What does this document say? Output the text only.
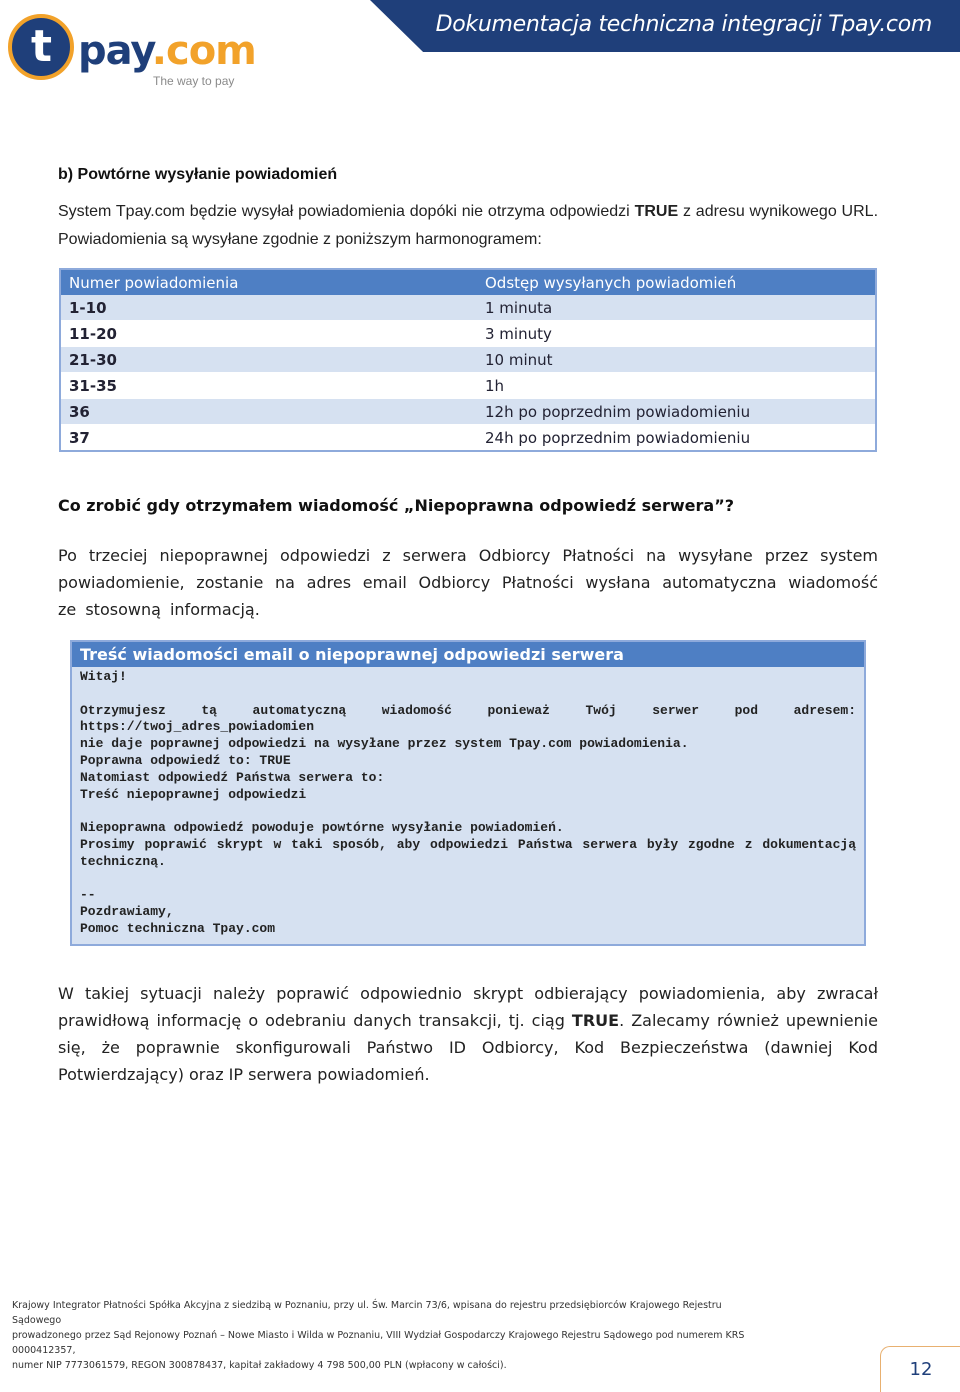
t pay.com
The way to pay
Dokumentacja techniczna integracji Tpay.com
b) Powtórne wysyłanie powiadomień
System Tpay.com będzie wysyłał powiadomienia dopóki nie otrzyma odpowiedzi TRUE z adresu wynikowego URL. Powiadomienia są wysyłane zgodnie z poniższym harmonogramem:
Numer powiadomienia	Odstęp wysyłanych powiadomień
1-10	1 minuta
11-20	3 minuty
21-30	10 minut
31-35	1h
36	12h po poprzednim powiadomieniu
37	24h po poprzednim powiadomieniu
Co zrobić gdy otrzymałem wiadomość „Niepoprawna odpowiedź serwera”?
Po trzeciej niepoprawnej odpowiedzi z serwera Odbiorcy Płatności na wysyłane przez system powiadomienie, zostanie na adres email Odbiorcy Płatności wysłana automatyczna wiadomość ze stosowną informacją.
Treść wiadomości email o niepoprawnej odpowiedzi serwera

Witaj!

Otrzymujesz tą automatyczną wiadomość ponieważ Twój serwer pod adresem: https://twoj_adres_powiadomien

nie daje poprawnej odpowiedzi na wysyłane przez system Tpay.com powiadomienia.

Poprawna odpowiedź to: TRUE

Natomiast odpowiedź Państwa serwera to:

Treść niepoprawnej odpowiedzi

Niepoprawna odpowiedź powoduje powtórne wysyłanie powiadomień.

Prosimy poprawić skrypt w taki sposób, aby odpowiedzi Państwa serwera były zgodne z dokumentacją techniczną.

--

Pozdrawiamy,

Pomoc techniczna Tpay.com

W takiej sytuacji należy poprawić odpowiednio skrypt odbierający powiadomienia, aby zwracał prawidłową informację o odebraniu danych transakcji, tj. ciąg TRUE. Zalecamy również upewnienie się, że poprawnie skonfigurowali Państwo ID Odbiorcy, Kod Bezpieczeństwa (dawniej Kod Potwierdzający) oraz IP serwera powiadomień.
Krajowy Integrator Płatności Spółka Akcyjna z siedzibą w Poznaniu, przy ul. Św. Marcin 73/6, wpisana do rejestru przedsiębiorców Krajowego Rejestru Sądowego
prowadzonego przez Sąd Rejonowy Poznań – Nowe Miasto i Wilda w Poznaniu, VIII Wydział Gospodarczy Krajowego Rejestru Sądowego pod numerem KRS 0000412357,
numer NIP 7773061579, REGON 300878437, kapitał zakładowy 4 798 500,00 PLN (wpłacony w całości).	12
